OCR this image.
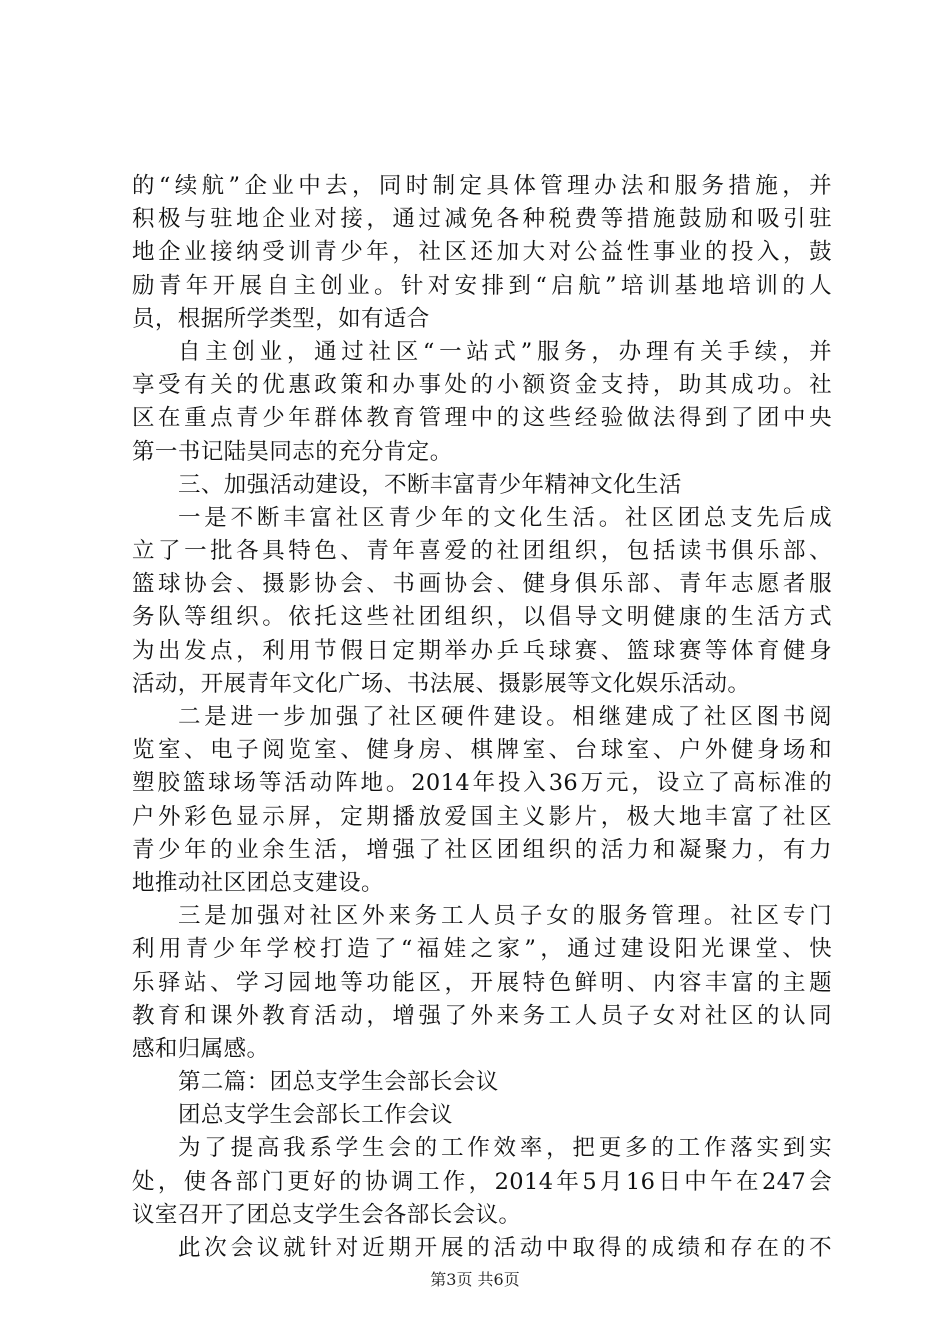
的“续航”企业中去，同时制定具体管理办法和服务措施，并
积极与驻地企业对接，通过减免各种税费等措施鼓励和吸引驻
地企业接纳受训青少年，社区还加大对公益性事业的投入，鼓
励青年开展自主创业。针对安排到“启航”培训基地培训的人
员，根据所学类型，如有适合
自主创业，通过社区“一站式”服务，办理有关手续，并
享受有关的优惠政策和办事处的小额资金支持，助其成功。社
区在重点青少年群体教育管理中的这些经验做法得到了团中央
第一书记陆昊同志的充分肯定。
三、加强活动建设，不断丰富青少年精神文化生活
一是不断丰富社区青少年的文化生活。社区团总支先后成
立了一批各具特色、青年喜爱的社团组织，包括读书俱乐部、
篮球协会、摄影协会、书画协会、健身俱乐部、青年志愿者服
务队等组织。依托这些社团组织，以倡导文明健康的生活方式
为出发点，利用节假日定期举办乒乓球赛、篮球赛等体育健身
活动，开展青年文化广场、书法展、摄影展等文化娱乐活动。
二是进一步加强了社区硬件建设。相继建成了社区图书阅
览室、电子阅览室、健身房、棋牌室、台球室、户外健身场和
塑胶篮球场等活动阵地。2014年投入36万元，设立了高标准的
户外彩色显示屏，定期播放爱国主义影片，极大地丰富了社区
青少年的业余生活，增强了社区团组织的活力和凝聚力，有力
地推动社区团总支建设。
三是加强对社区外来务工人员子女的服务管理。社区专门
利用青少年学校打造了“福娃之家”，通过建设阳光课堂、快
乐驿站、学习园地等功能区，开展特色鲜明、内容丰富的主题
教育和课外教育活动，增强了外来务工人员子女对社区的认同
感和归属感。
第二篇：团总支学生会部长会议
团总支学生会部长工作会议
为了提高我系学生会的工作效率，把更多的工作落实到实
处，使各部门更好的协调工作，2014年5月16日中午在247会
议室召开了团总支学生会各部长会议。
此次会议就针对近期开展的活动中取得的成绩和存在的不
第3页 共6页
